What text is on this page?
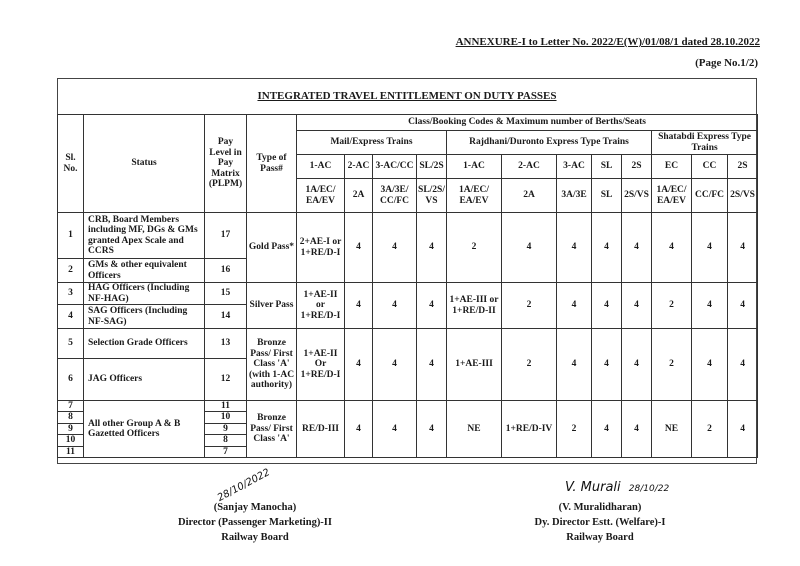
ANNEXURE-I to Letter No. 2022/E(W)/01/08/1 dated 28.10.2022
(Page No.1/2)
INTEGRATED TRAVEL ENTITLEMENT ON DUTY PASSES
Sl. No.	Status	Pay Level in Pay Matrix (PLPM)	Type of Pass#	Class/Booking Codes & Maximum number of Berths/Seats											
				Mail/Express Trains				Rajdhani/Duronto Express Type Trains					Shatabdi Express Type Trains		
				1-AC	2-AC	3-AC/CC	SL/2S	1-AC	2-AC	3-AC	SL	2S	EC	CC	2S
				1A/EC/ EA/EV	2A	3A/3E/ CC/FC	SL/2S/ VS	1A/EC/ EA/EV	2A	3A/3E	SL	2S/VS	1A/EC/ EA/EV	CC/FC	2S/VS
1	CRB, Board Members including MF, DGs & GMs granted Apex Scale and CCRS	17	Gold Pass*	2+AE-I or 1+RE/D-I	4	4	4	2	4	4	4	4	4	4	4
2	GMs & other equivalent Officers	16													
3	HAG Officers (Including NF-HAG)	15	Silver Pass	1+AE-II or 1+RE/D-I	4	4	4	1+AE-III or 1+RE/D-II	2	4	4	4	2	4	4
4	SAG Officers (Including NF-SAG)	14													
5	Selection Grade Officers	13	Bronze Pass/ First Class 'A' (with 1-AC authority)	1+AE-II Or 1+RE/D-I	4	4	4	1+AE-III	2	4	4	4	2	4	4
6	JAG Officers	12													
7	All other Group A & B Gazetted Officers	11	Bronze Pass/ First Class 'A'	RE/D-III	4	4	4	NE	1+RE/D-IV	2	4	4	NE	2	4
8		10													
9		9													
10		8													
11		7													
28/10/2022	V. Murali 28/10/22
(Sanjay Manocha)
Director (Passenger Marketing)-II
Railway Board
(V. Muralidharan)
Dy. Director Estt. (Welfare)-I
Railway Board
